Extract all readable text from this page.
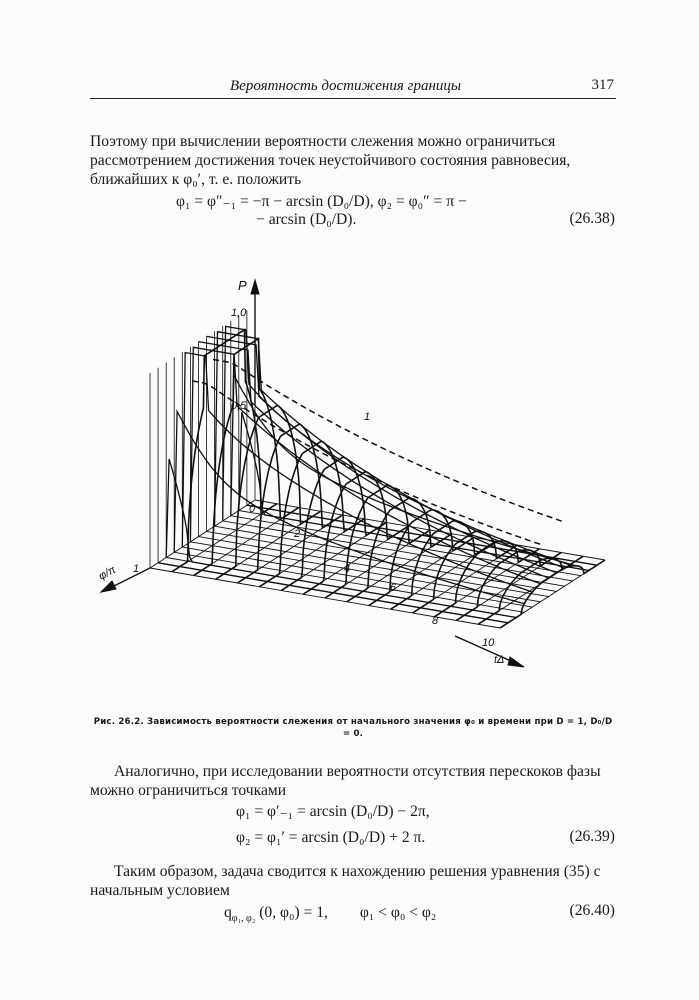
Вероятность достижения границы	317
Поэтому при вычислении вероятности слежения можно ограничиться рассмотрением достижения точек неустойчивого состояния равновесия, ближайших к φ₀′, т. е. положить
φ₁ = φ″₋₁ = −π − arcsin (D₀/D), φ₂ = φ₀″ = π −
− arcsin (D₀/D).	(26.38)
P
1,0
0,5
0
φ/π 1
2
4
6
8
10
tΔ
1
Рис. 26.2. Зависимость вероятности слежения от начального значения φ₀ и времени при D = 1, D₀/D = 0.
Аналогично, при исследовании вероятности отсутствия перескоков фазы можно ограничиться точками
φ₁ = φ′₋₁ = arcsin (D₀/D) − 2π,
φ₂ = φ₁′ = arcsin (D₀/D) + 2 π.	(26.39)
Таким образом, задача сводится к нахождению решения уравнения (35) с начальным условием
$q_{\varphi_1, \varphi_2}$ (0, φ₀) = 1, φ₁ < φ₀ < φ₂	(26.40)
